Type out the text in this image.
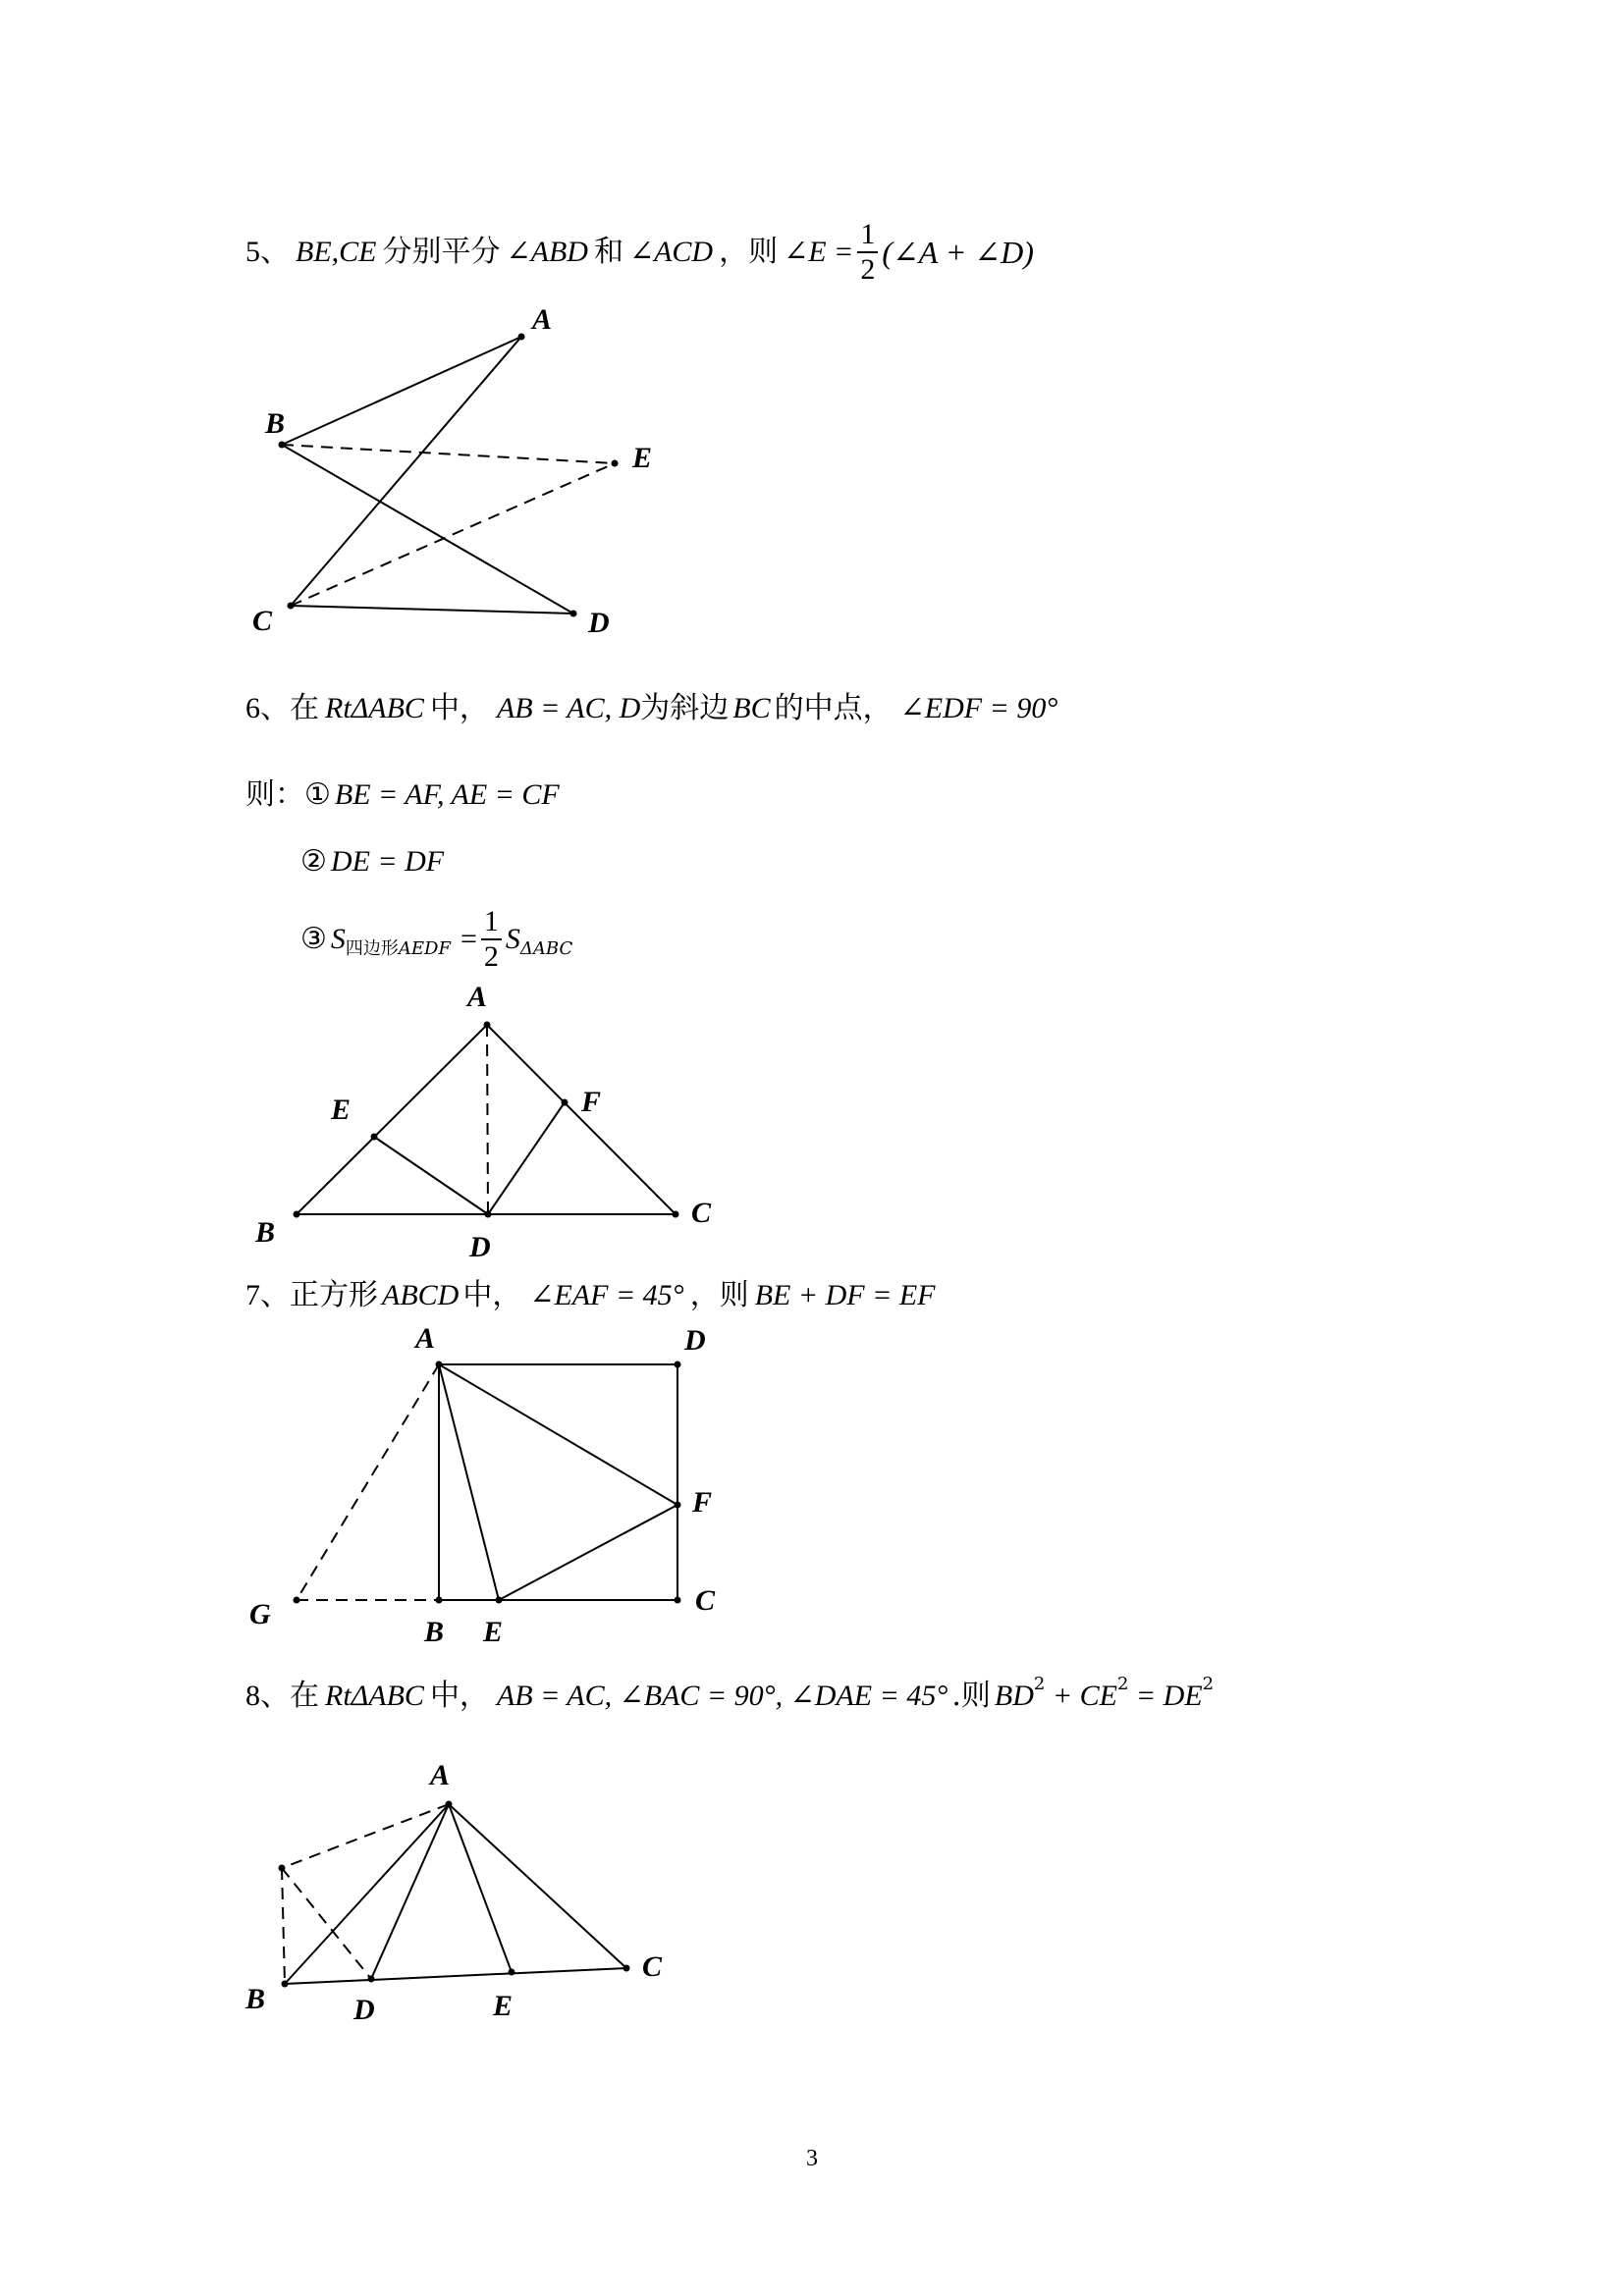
5、 BE,CE 分别平分 ∠ABD 和 ∠ACD ，则 ∠E = $\frac{1}{2}$ (∠A + ∠D)
6、 在 RtΔABC 中， AB = AC, D 为斜边 BC 的中点， ∠EDF = 90°
则： ① BE = AF, AE = CF
② DE = DF
③ S 四边形AEDF = $\frac{1}{2}$ S ΔABC
7、 正方形 ABCD 中， ∠EAF = 45° ，则 BE + DF = EF
8、 在 RtΔABC 中， AB = AC, ∠BAC = 90°, ∠DAE = 45° .则 BD 2 + CE 2 = DE 2
A
B
E
C	D
A
E	F
B	D
C
A	D
F
G
B E
C
A
C
B	D	E
3
